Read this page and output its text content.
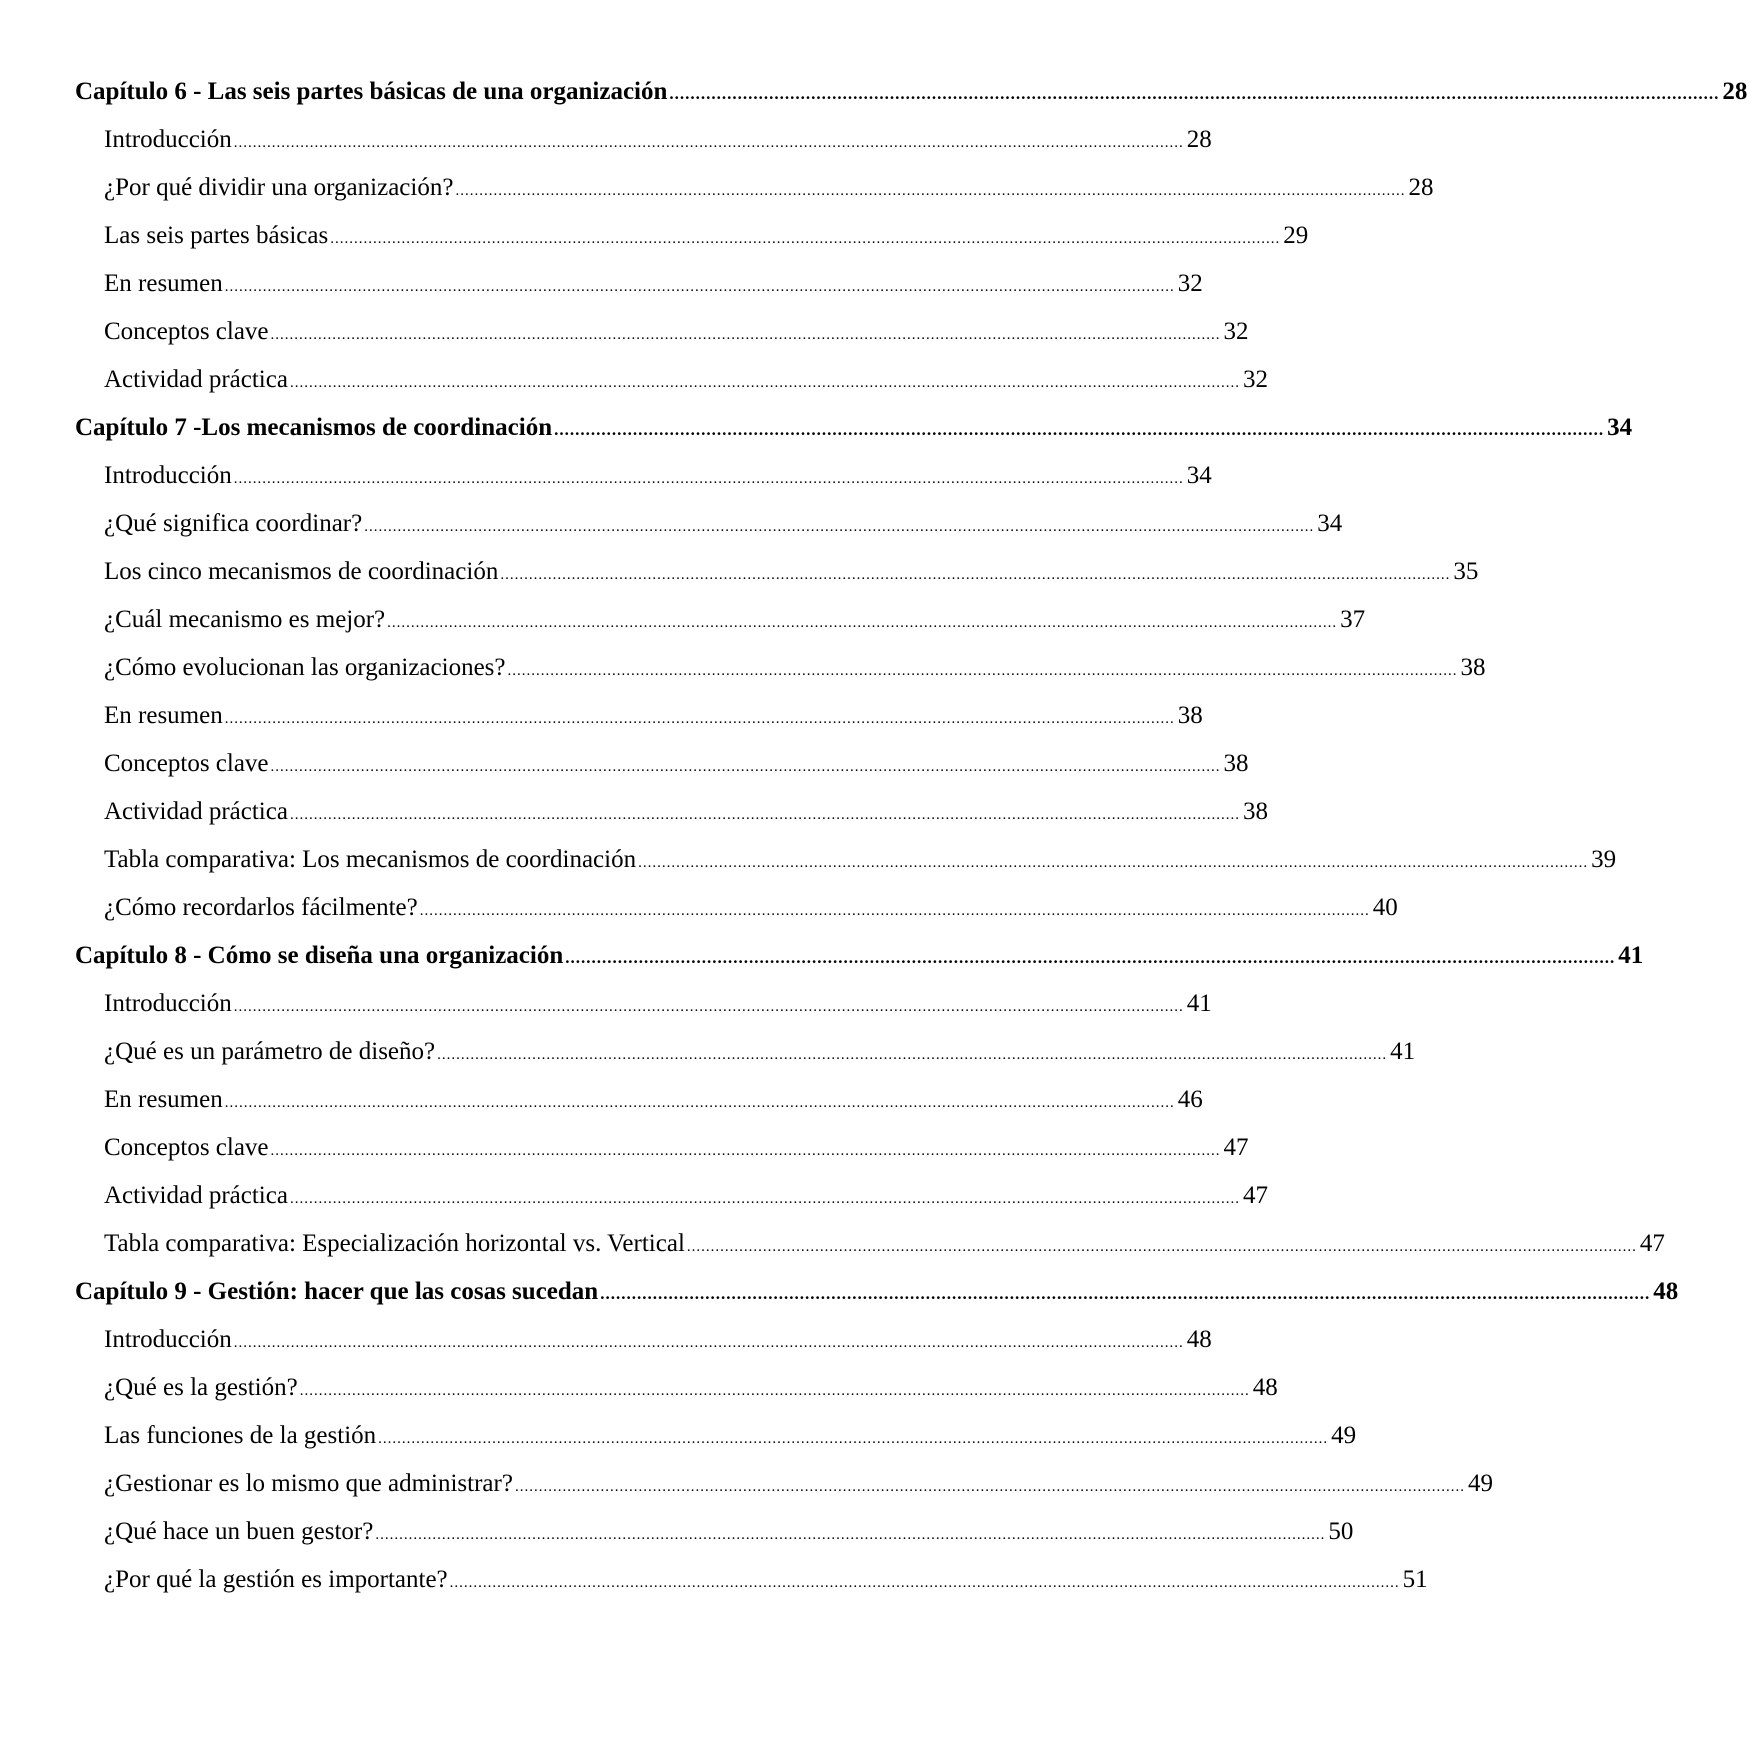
Capítulo 6 - Las seis partes básicas de una organización ........................................................................................................................................................................................................ 28
Introducción ........................................................................................................................................................................................................ 28
¿Por qué dividir una organización? ........................................................................................................................................................................................................ 28
Las seis partes básicas ........................................................................................................................................................................................................ 29
En resumen ........................................................................................................................................................................................................ 32
Conceptos clave ........................................................................................................................................................................................................ 32
Actividad práctica ........................................................................................................................................................................................................ 32
Capítulo 7 -Los mecanismos de coordinación ........................................................................................................................................................................................................ 34
Introducción ........................................................................................................................................................................................................ 34
¿Qué significa coordinar? ........................................................................................................................................................................................................ 34
Los cinco mecanismos de coordinación ........................................................................................................................................................................................................ 35
¿Cuál mecanismo es mejor? ........................................................................................................................................................................................................ 37
¿Cómo evolucionan las organizaciones? ........................................................................................................................................................................................................ 38
En resumen ........................................................................................................................................................................................................ 38
Conceptos clave ........................................................................................................................................................................................................ 38
Actividad práctica ........................................................................................................................................................................................................ 38
Tabla comparativa: Los mecanismos de coordinación ........................................................................................................................................................................................................ 39
¿Cómo recordarlos fácilmente? ........................................................................................................................................................................................................ 40
Capítulo 8 - Cómo se diseña una organización ........................................................................................................................................................................................................ 41
Introducción ........................................................................................................................................................................................................ 41
¿Qué es un parámetro de diseño? ........................................................................................................................................................................................................ 41
En resumen ........................................................................................................................................................................................................ 46
Conceptos clave ........................................................................................................................................................................................................ 47
Actividad práctica ........................................................................................................................................................................................................ 47
Tabla comparativa: Especialización horizontal vs. Vertical ........................................................................................................................................................................................................ 47
Capítulo 9 - Gestión: hacer que las cosas sucedan ........................................................................................................................................................................................................ 48
Introducción ........................................................................................................................................................................................................ 48
¿Qué es la gestión? ........................................................................................................................................................................................................ 48
Las funciones de la gestión ........................................................................................................................................................................................................ 49
¿Gestionar es lo mismo que administrar? ........................................................................................................................................................................................................ 49
¿Qué hace un buen gestor? ........................................................................................................................................................................................................ 50
¿Por qué la gestión es importante? ........................................................................................................................................................................................................ 51
